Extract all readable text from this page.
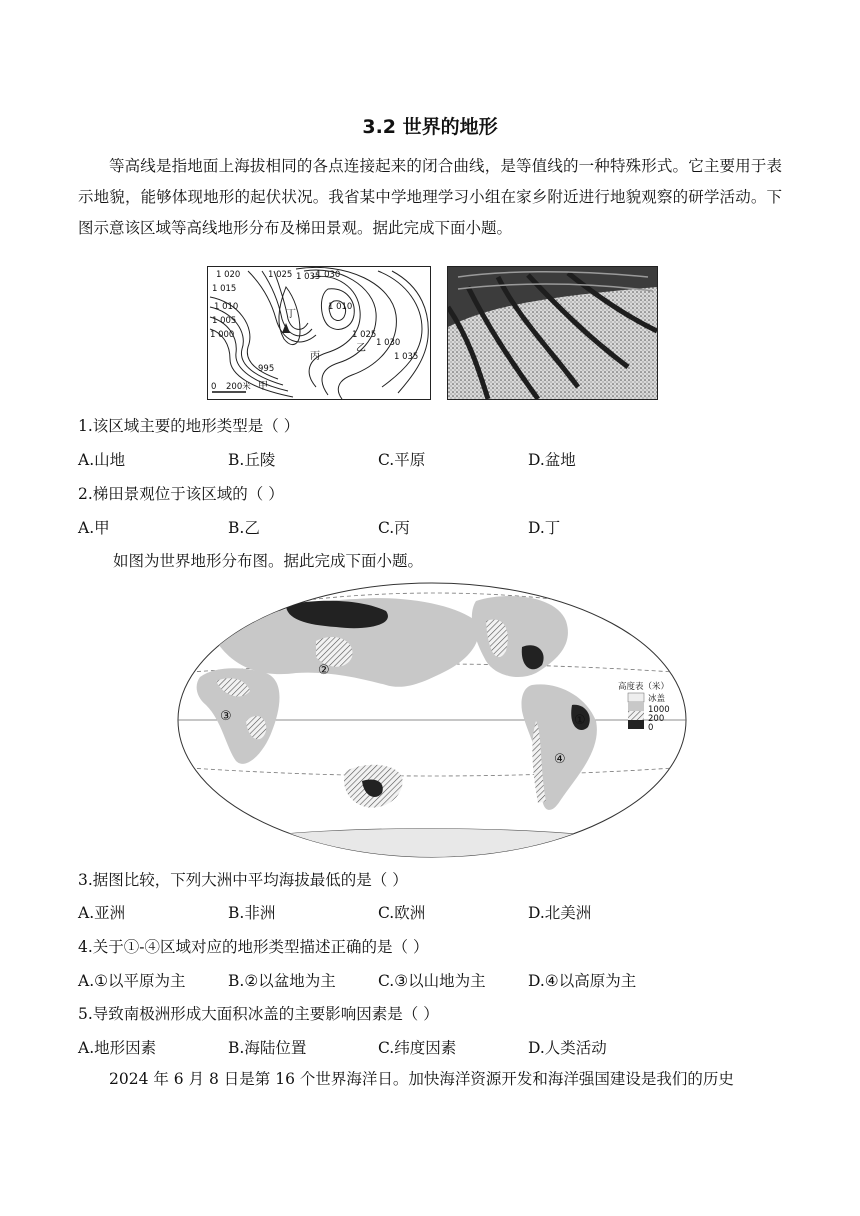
3.2 世界的地形
等高线是指地面上海拔相同的各点连接起来的闭合曲线，是等值线的一种特殊形式。它主要用于表示地貌，能够体现地形的起伏状况。我省某中学地理学习小组在家乡附近进行地貌观察的研学活动。下图示意该区域等高线地形分布及梯田景观。据此完成下面小题。
1 020	1 025 1 035
1 030
1 015
1 010
1 005
1 000
1 010
1 025
1 030
1 035
乙
丙
丁
995
0 200米 甲
1.该区域主要的地形类型是（ ）
A.山地	B.丘陵	C.平原	D.盆地
2.梯田景观位于该区域的（ ）
A.甲	B.乙	C.丙	D.丁
如图为世界地形分布图。据此完成下面小题。
①
②
③
④
高度表（米）
冰盖
1000
200
0
3.据图比较，下列大洲中平均海拔最低的是（ ）
A.亚洲	B.非洲	C.欧洲	D.北美洲
4.关于①-④区域对应的地形类型描述正确的是（ ）
A.①以平原为主	B.②以盆地为主	C.③以山地为主	D.④以高原为主
5.导致南极洲形成大面积冰盖的主要影响因素是（ ）
A.地形因素	B.海陆位置	C.纬度因素	D.人类活动
2024 年 6 月 8 日是第 16 个世界海洋日。加快海洋资源开发和海洋强国建设是我们的历史
